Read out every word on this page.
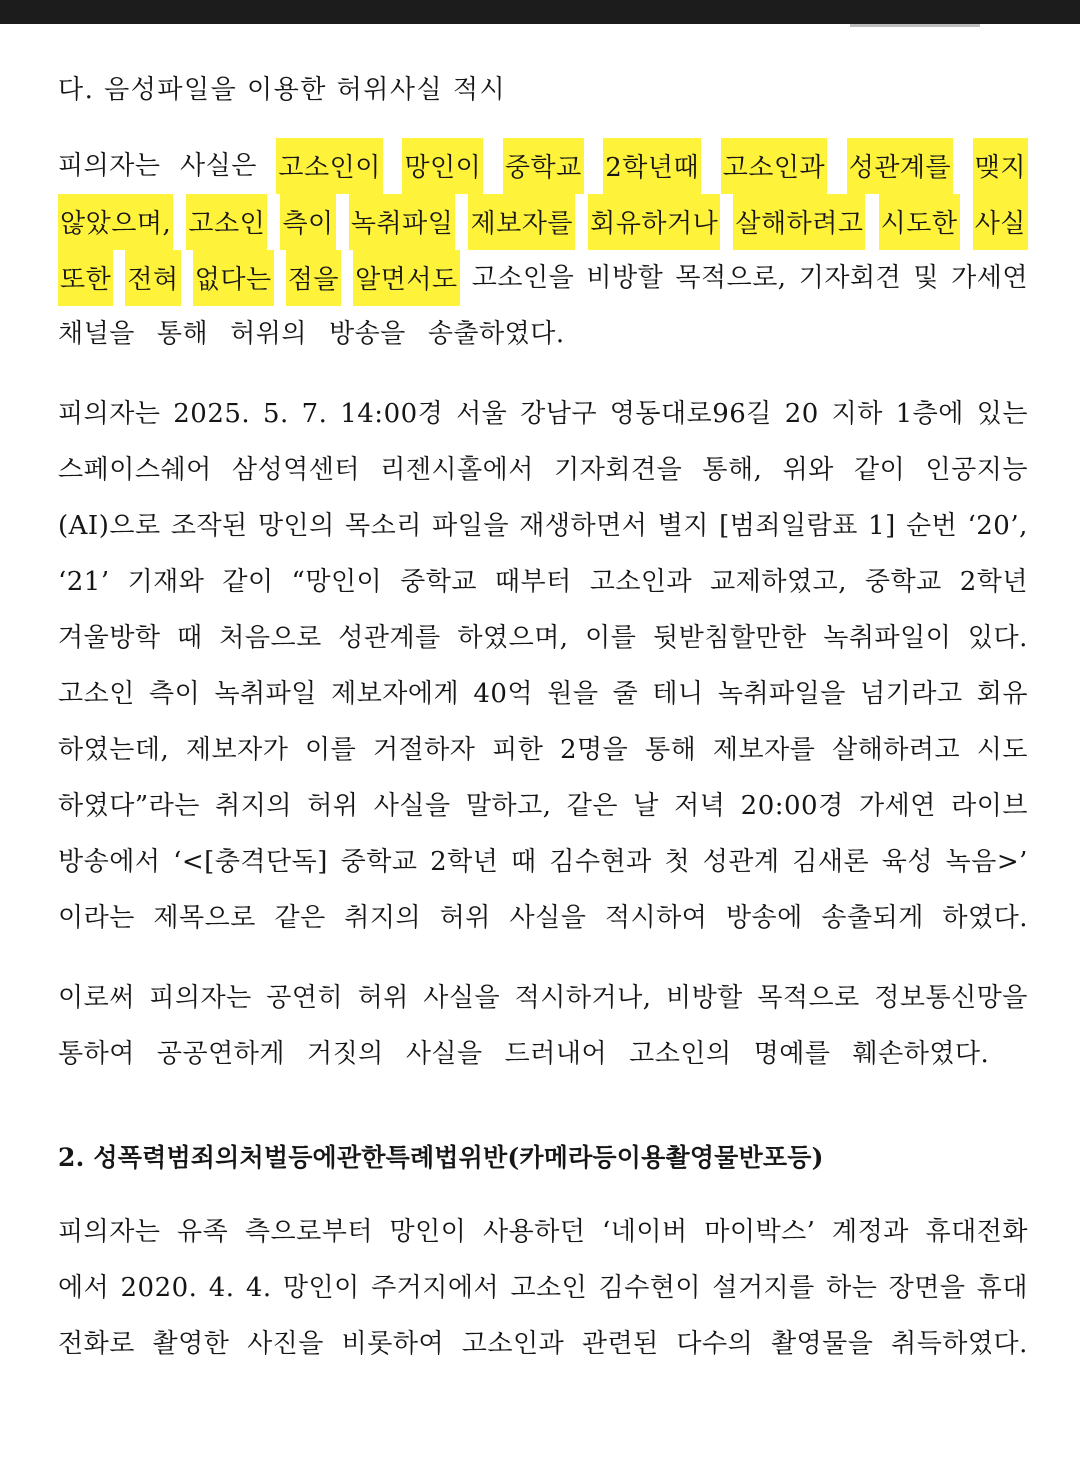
다. 음성파일을 이용한 허위사실 적시
피의자는 사실은 고소인이 망인이 중학교 2학년때 고소인과 성관계를 맺지
않았으며, 고소인 측이 녹취파일 제보자를 회유하거나 살해하려고 시도한 사실
또한 전혀 없다는 점을 알면서도 고소인을 비방할 목적으로, 기자회견 및 가세연
채널을 통해 허위의 방송을 송출하였다.
피의자는 2025. 5. 7. 14:00경 서울 강남구 영동대로96길 20 지하 1층에 있는
스페이스쉐어 삼성역센터 리젠시홀에서 기자회견을 통해, 위와 같이 인공지능
(AI)으로 조작된 망인의 목소리 파일을 재생하면서 별지 [범죄일람표 1] 순번 ‘20’,
‘21’ 기재와 같이 “망인이 중학교 때부터 고소인과 교제하였고, 중학교 2학년
겨울방학 때 처음으로 성관계를 하였으며, 이를 뒷받침할만한 녹취파일이 있다.
고소인 측이 녹취파일 제보자에게 40억 원을 줄 테니 녹취파일을 넘기라고 회유
하였는데, 제보자가 이를 거절하자 피한 2명을 통해 제보자를 살해하려고 시도
하였다”라는 취지의 허위 사실을 말하고, 같은 날 저녁 20:00경 가세연 라이브
방송에서 ‘<[충격단독] 중학교 2학년 때 김수현과 첫 성관계 김새론 육성 녹음>’
이라는 제목으로 같은 취지의 허위 사실을 적시하여 방송에 송출되게 하였다.
이로써 피의자는 공연히 허위 사실을 적시하거나, 비방할 목적으로 정보통신망을
통하여 공공연하게 거짓의 사실을 드러내어 고소인의 명예를 훼손하였다.
2. 성폭력범죄의처벌등에관한특례법위반(카메라등이용촬영물반포등)
피의자는 유족 측으로부터 망인이 사용하던 ‘네이버 마이박스’ 계정과 휴대전화
에서 2020. 4. 4. 망인이 주거지에서 고소인 김수현이 설거지를 하는 장면을 휴대
전화로 촬영한 사진을 비롯하여 고소인과 관련된 다수의 촬영물을 취득하였다.
